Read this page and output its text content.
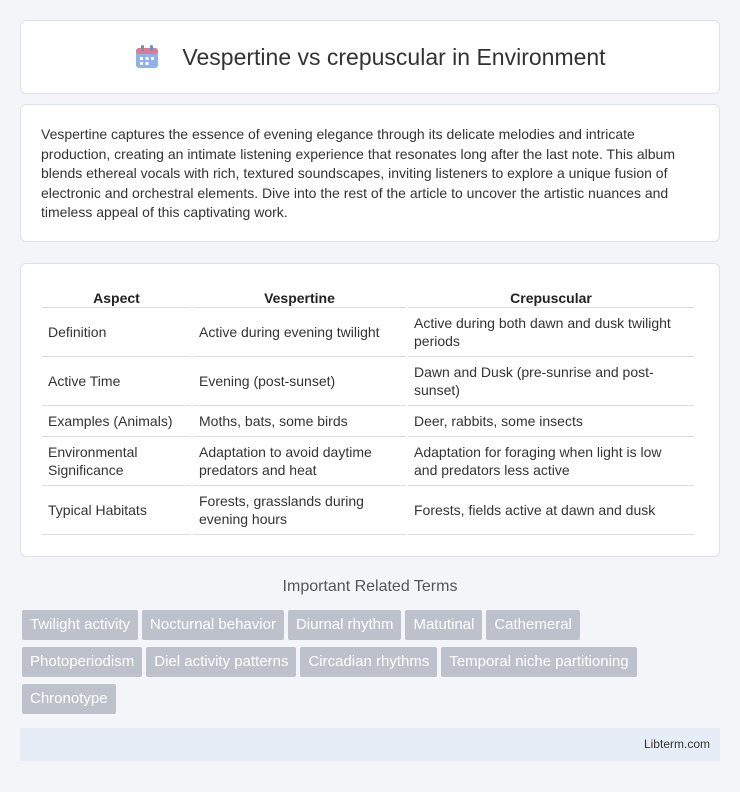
Vespertine vs crepuscular in Environment

Vespertine captures the essence of evening elegance through its delicate melodies and intricate production, creating an intimate listening experience that resonates long after the last note. This album blends ethereal vocals with rich, textured soundscapes, inviting listeners to explore a unique fusion of electronic and orchestral elements. Dive into the rest of the article to uncover the artistic nuances and timeless appeal of this captivating work.

Aspect	Vespertine	Crepuscular
Definition	Active during evening twilight	Active during both dawn and dusk twilight periods
Active Time	Evening (post-sunset)	Dawn and Dusk (pre-sunrise and post-sunset)
Examples (Animals)	Moths, bats, some birds	Deer, rabbits, some insects
Environmental Significance	Adaptation to avoid daytime predators and heat	Adaptation for foraging when light is low and predators less active
Typical Habitats	Forests, grasslands during evening hours	Forests, fields active at dawn and dusk
Important Related Terms
Twilight activity Nocturnal behavior Diurnal rhythm Matutinal Cathemeral
Photoperiodism Diel activity patterns Circadian rhythms Temporal niche partitioning
Chronotype
Libterm.com
